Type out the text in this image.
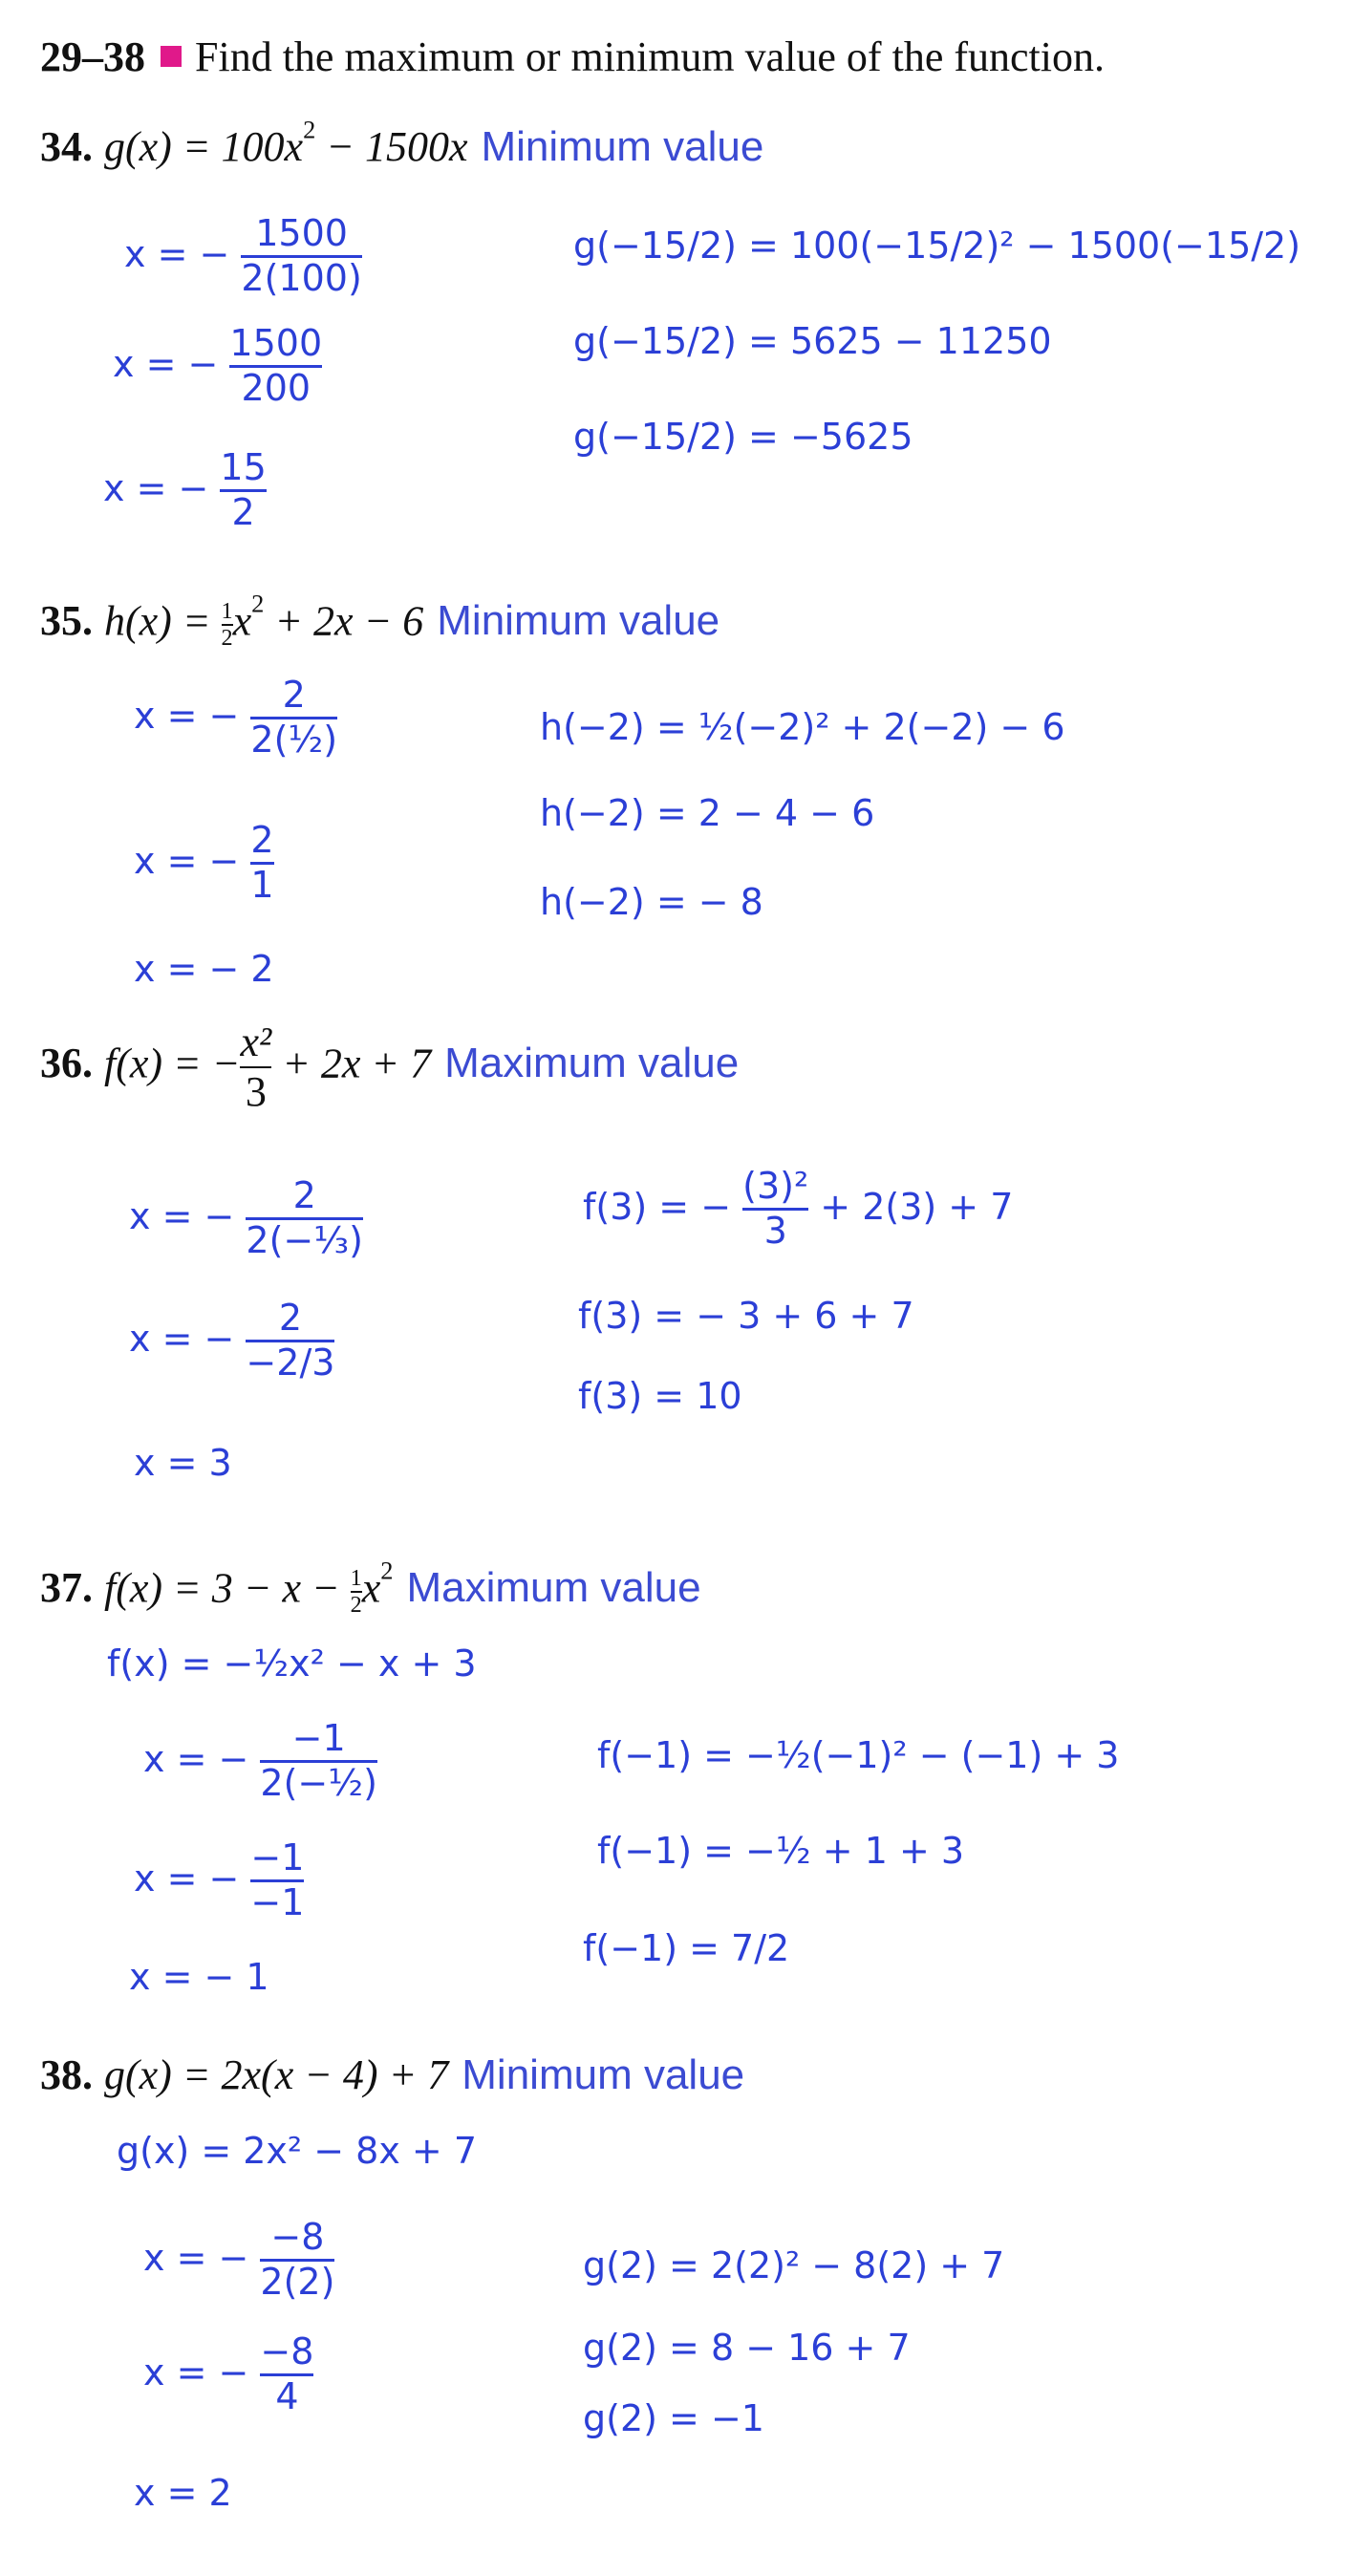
29–38 Find the maximum or minimum value of the function.
34. $g(x) = 100x^2 - 1500x$ Minimum value
x = − $\frac{1500}{2(100)}$
x = − $\frac{1500}{200}$
x = − $\frac{15}{2}$
g(−15/2) = 100(−15/2)² − 1500(−15/2)
g(−15/2) = 5625 − 11250
g(−15/2) = −5625
35. $h(x) = \frac{1}{2} x^2 + 2x - 6$ Minimum value
x = − $\frac{2}{\text{2(½)}}$
x = − $\frac{2}{1}$
x = − 2
h(−2) = ½(−2)² + 2(−2) − 6
h(−2) = 2 − 4 − 6
h(−2) = − 8
36. f(x) = − $\frac{\text{x²}}{3} + 2x + 7$ Maximum value
x = − $\frac{2}{\text{2(−⅓)}}$
x = − $\frac{2}{-2/3}$
x = 3
f(3) = − $\frac{\text{(3)²}}{3} + 2(3) + 7$
f(3) = − 3 + 6 + 7
f(3) = 10
37. $f(x) = 3 - x - \frac{1}{2} x^2$ Maximum value
f(x) = −½x² − x + 3
x = − $\frac{-1}{\text{2(−½)}}$
x = − $\frac{-1}{-1}$
x = − 1
f(−1) = −½(−1)² − (−1) + 3
f(−1) = −½ + 1 + 3
f(−1) = 7/2
38. g(x) = 2x(x − 4) + 7 Minimum value
g(x) = 2x² − 8x + 7
x = − $\frac{-8}{2(2)}$
x = − $\frac{-8}{4}$
x = 2
g(2) = 2(2)² − 8(2) + 7
g(2) = 8 − 16 + 7
g(2) = −1
